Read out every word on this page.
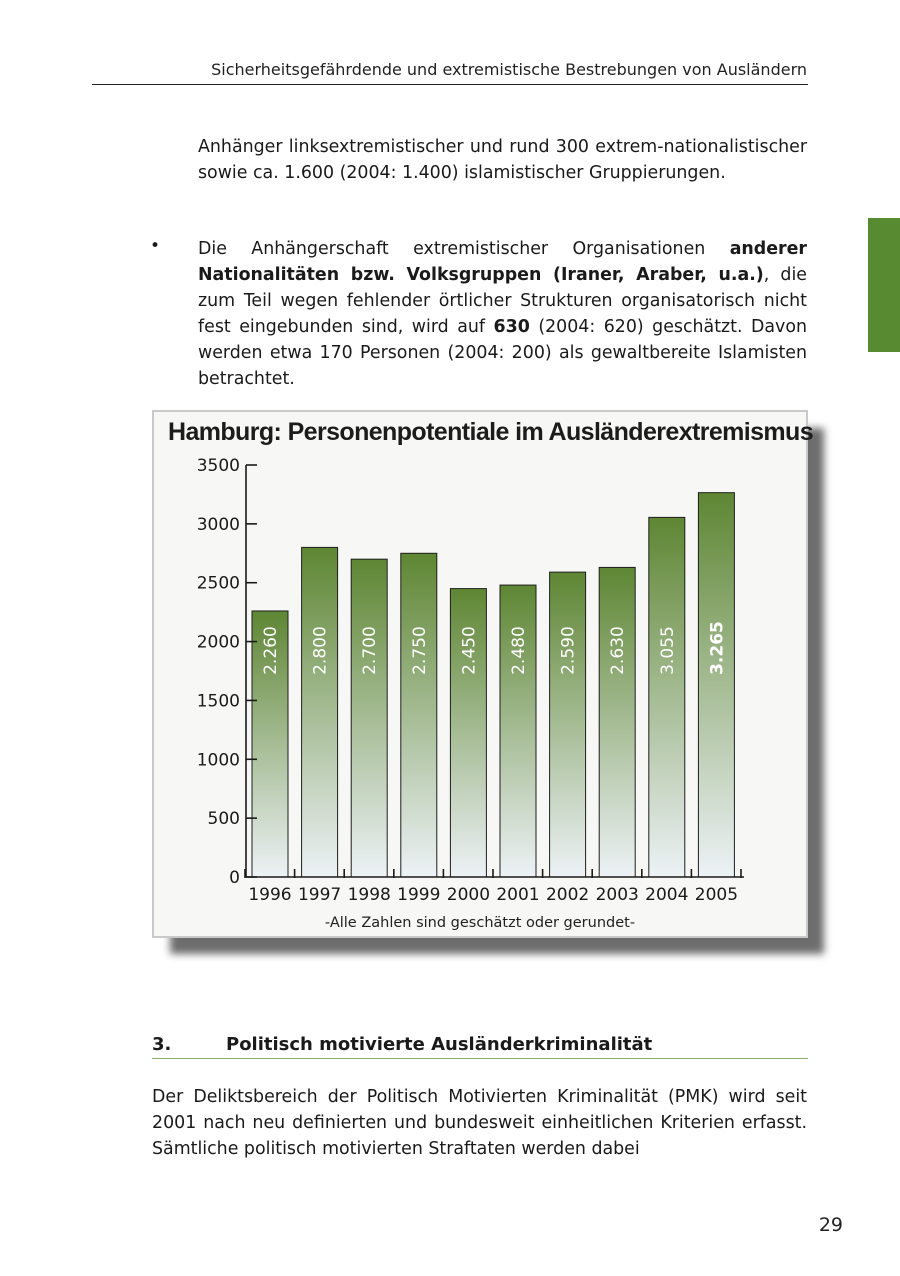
Sicherheitsgefährdende und extremistische Bestrebungen von Ausländern

Anhänger linksextremistischer und rund 300 extrem-nationalistischer sowie ca. 1.600 (2004: 1.400) islamistischer Gruppierungen.

• Die Anhängerschaft extremistischer Organisationen anderer Nationalitäten bzw. Volksgruppen (Iraner, Araber, u.a.), die zum Teil wegen fehlender örtlicher Strukturen organisatorisch nicht fest eingebunden sind, wird auf 630 (2004: 620) geschätzt. Davon werden etwa 170 Personen (2004: 200) als gewaltbereite Islamisten betrachtet.

Hamburg: Personenpotentiale im Ausländerextremismus
2.260 2.800 2.700 2.750 2.450 2.480 2.590 2.630 3.055 3.265
0
500
1000
1500
2000
2500
3000
3500
1996 1997 1998 1999 2000 2001 2002 2003 2004 2005
-Alle Zahlen sind geschätzt oder gerundet-
3.	Politisch motivierte Ausländerkriminalität

Der Deliktsbereich der Politisch Motivierten Kriminalität (PMK) wird seit 2001 nach neu definierten und bundesweit einheitlichen Kriterien erfasst. Sämtliche politisch motivierten Straftaten werden dabei

29
